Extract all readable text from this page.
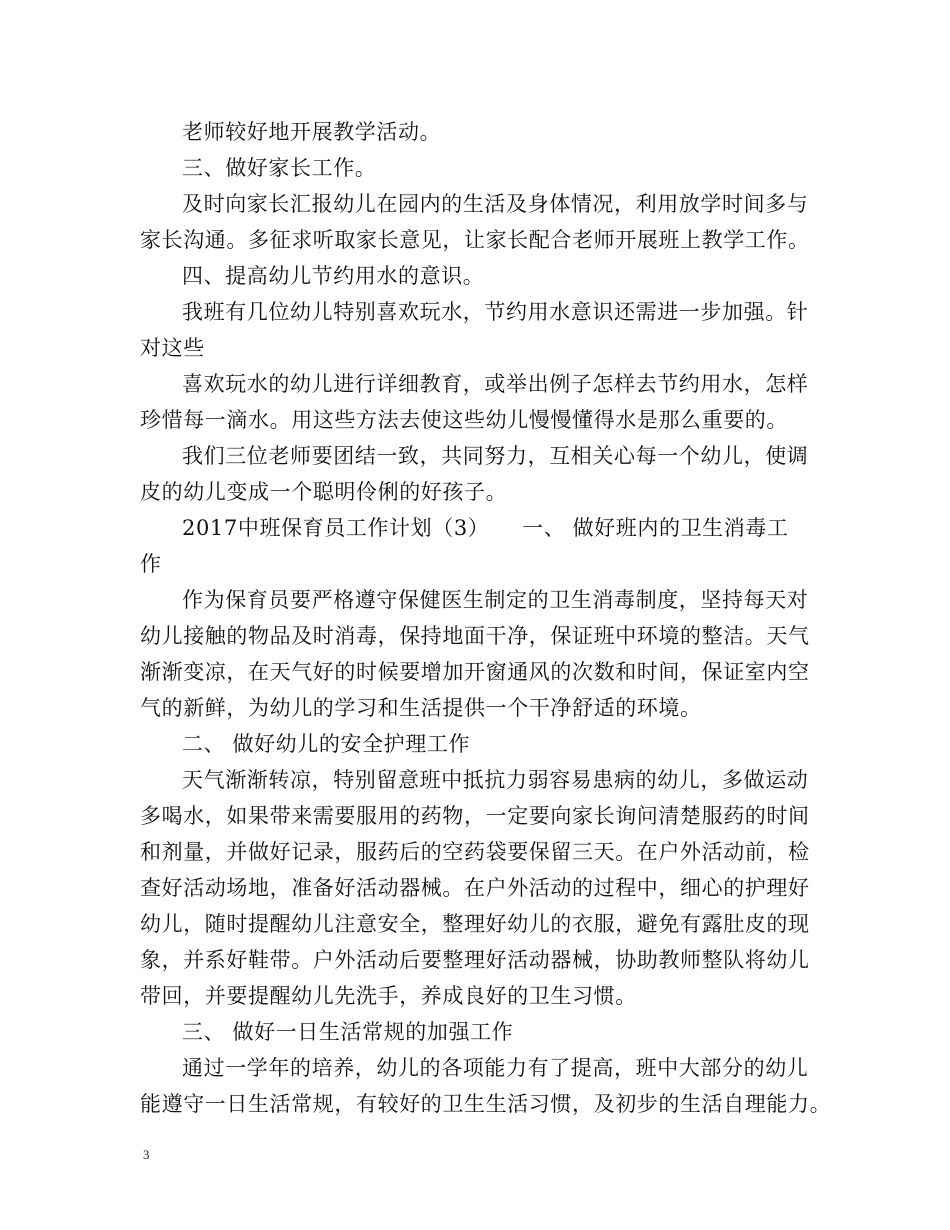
老师较好地开展教学活动。
三、做好家长工作。
及时向家长汇报幼儿在园内的生活及身体情况，利用放学时间多与
家长沟通。多征求听取家长意见，让家长配合老师开展班上教学工作。
四、提高幼儿节约用水的意识。
我班有几位幼儿特别喜欢玩水，节约用水意识还需进一步加强。针
对这些
喜欢玩水的幼儿进行详细教育，或举出例子怎样去节约用水，怎样
珍惜每一滴水。用这些方法去使这些幼儿慢慢懂得水是那么重要的。
我们三位老师要团结一致，共同努力，互相关心每一个幼儿，使调
皮的幼儿变成一个聪明伶俐的好孩子。
2017中班保育员工作计划（3）　　一、 做好班内的卫生消毒工
作
作为保育员要严格遵守保健医生制定的卫生消毒制度，坚持每天对
幼儿接触的物品及时消毒，保持地面干净，保证班中环境的整洁。天气
渐渐变凉，在天气好的时候要增加开窗通风的次数和时间，保证室内空
气的新鲜，为幼儿的学习和生活提供一个干净舒适的环境。
二、 做好幼儿的安全护理工作
天气渐渐转凉，特别留意班中抵抗力弱容易患病的幼儿，多做运动
多喝水，如果带来需要服用的药物，一定要向家长询问清楚服药的时间
和剂量，并做好记录，服药后的空药袋要保留三天。在户外活动前，检
查好活动场地，准备好活动器械。在户外活动的过程中，细心的护理好
幼儿，随时提醒幼儿注意安全，整理好幼儿的衣服，避免有露肚皮的现
象，并系好鞋带。户外活动后要整理好活动器械，协助教师整队将幼儿
带回，并要提醒幼儿先洗手，养成良好的卫生习惯。
三、 做好一日生活常规的加强工作
通过一学年的培养，幼儿的各项能力有了提高，班中大部分的幼儿
能遵守一日生活常规，有较好的卫生生活习惯，及初步的生活自理能力。
3
